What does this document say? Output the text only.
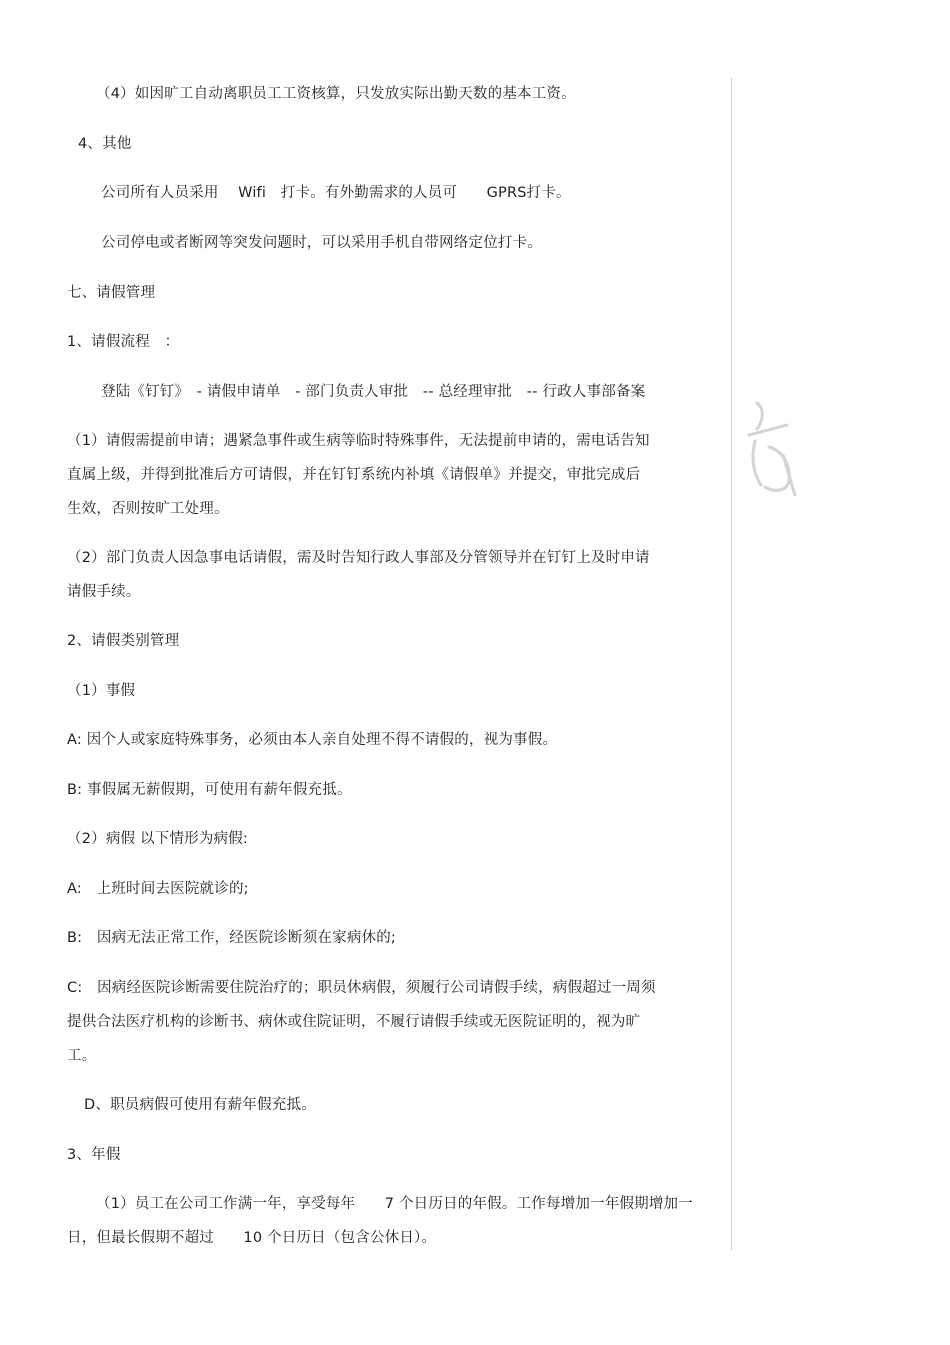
（4）如因旷工自动离职员工工资核算，只发放实际出勤天数的基本工资。
4、其他
公司所有人员采用　 Wifi　打卡。有外勤需求的人员可　　GPRS打卡。
公司停电或者断网等突发问题时，可以采用手机自带网络定位打卡。
七、请假管理
1、请假流程　：
登陆《钉钉》　- 请假申请单　- 部门负责人审批　-- 总经理审批　-- 行政人事部备案
（1）请假需提前申请；遇紧急事件或生病等临时特殊事件，无法提前申请的，需电话告知
直属上级，并得到批准后方可请假，并在钉钉系统内补填《请假单》并提交，审批完成后
生效，否则按旷工处理。
（2）部门负责人因急事电话请假，需及时告知行政人事部及分管领导并在钉钉上及时申请
请假手续。
2、请假类别管理
（1）事假
A: 因个人或家庭特殊事务，必须由本人亲自处理不得不请假的，视为事假。
B: 事假属无薪假期，可使用有薪年假充抵。
（2）病假 以下情形为病假:
A:　上班时间去医院就诊的;
B:　因病无法正常工作，经医院诊断须在家病休的;
C:　因病经医院诊断需要住院治疗的；职员休病假，须履行公司请假手续，病假超过一周须
提供合法医疗机构的诊断书、病休或住院证明，不履行请假手续或无医院证明的，视为旷
工。
D、职员病假可使用有薪年假充抵。
3、年假
（1）员工在公司工作满一年，享受每年　　7 个日历日的年假。工作每增加一年假期增加一
日，但最长假期不超过　　10 个日历日（包含公休日）。
